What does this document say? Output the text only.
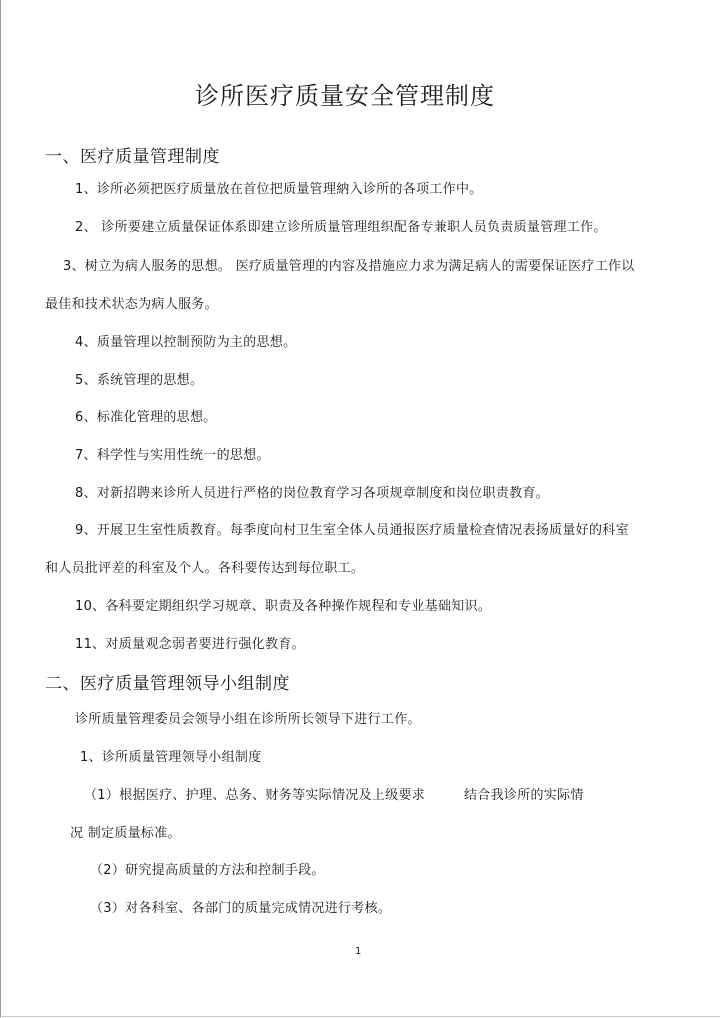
诊所医疗质量安全管理制度
一、医疗质量管理制度
1、诊所必须把医疗质量放在首位把质量管理納入诊所的各项工作中。
2、 诊所要建立质量保证体系即建立诊所质量管理组织配备专兼职人员负责质量管理工作。
3、树立为病人服务的思想。 医疗质量管理的内容及措施应力求为满足病人的需要保证医疗工作以
最佳和技术状态为病人服务。
4、质量管理以控制预防为主的思想。
5、系统管理的思想。
6、标准化管理的思想。
7、科学性与实用性统一的思想。
8、对新招聘来诊所人员进行严格的岗位教育学习各项规章制度和岗位职责教育。
9、开展卫生室性质教育。每季度向村卫生室全体人员通报医疗质量检查情况表扬质量好的科室
和人员批评差的科室及个人。各科要传达到每位职工。
10、各科要定期组织学习规章、职责及各种操作规程和专业基础知识。
11、对质量观念弱者要进行强化教育。
二、医疗质量管理领导小组制度
诊所质量管理委员会领导小组在诊所所长领导下进行工作。
1、诊所质量管理领导小组制度
（1）根据医疗、护理、总务、财务等实际情况及上级要求	结合我诊所的实际情
况 制定质量标准。
（2）研究提高质量的方法和控制手段。
（3）对各科室、各部门的质量完成情况进行考核。
1
